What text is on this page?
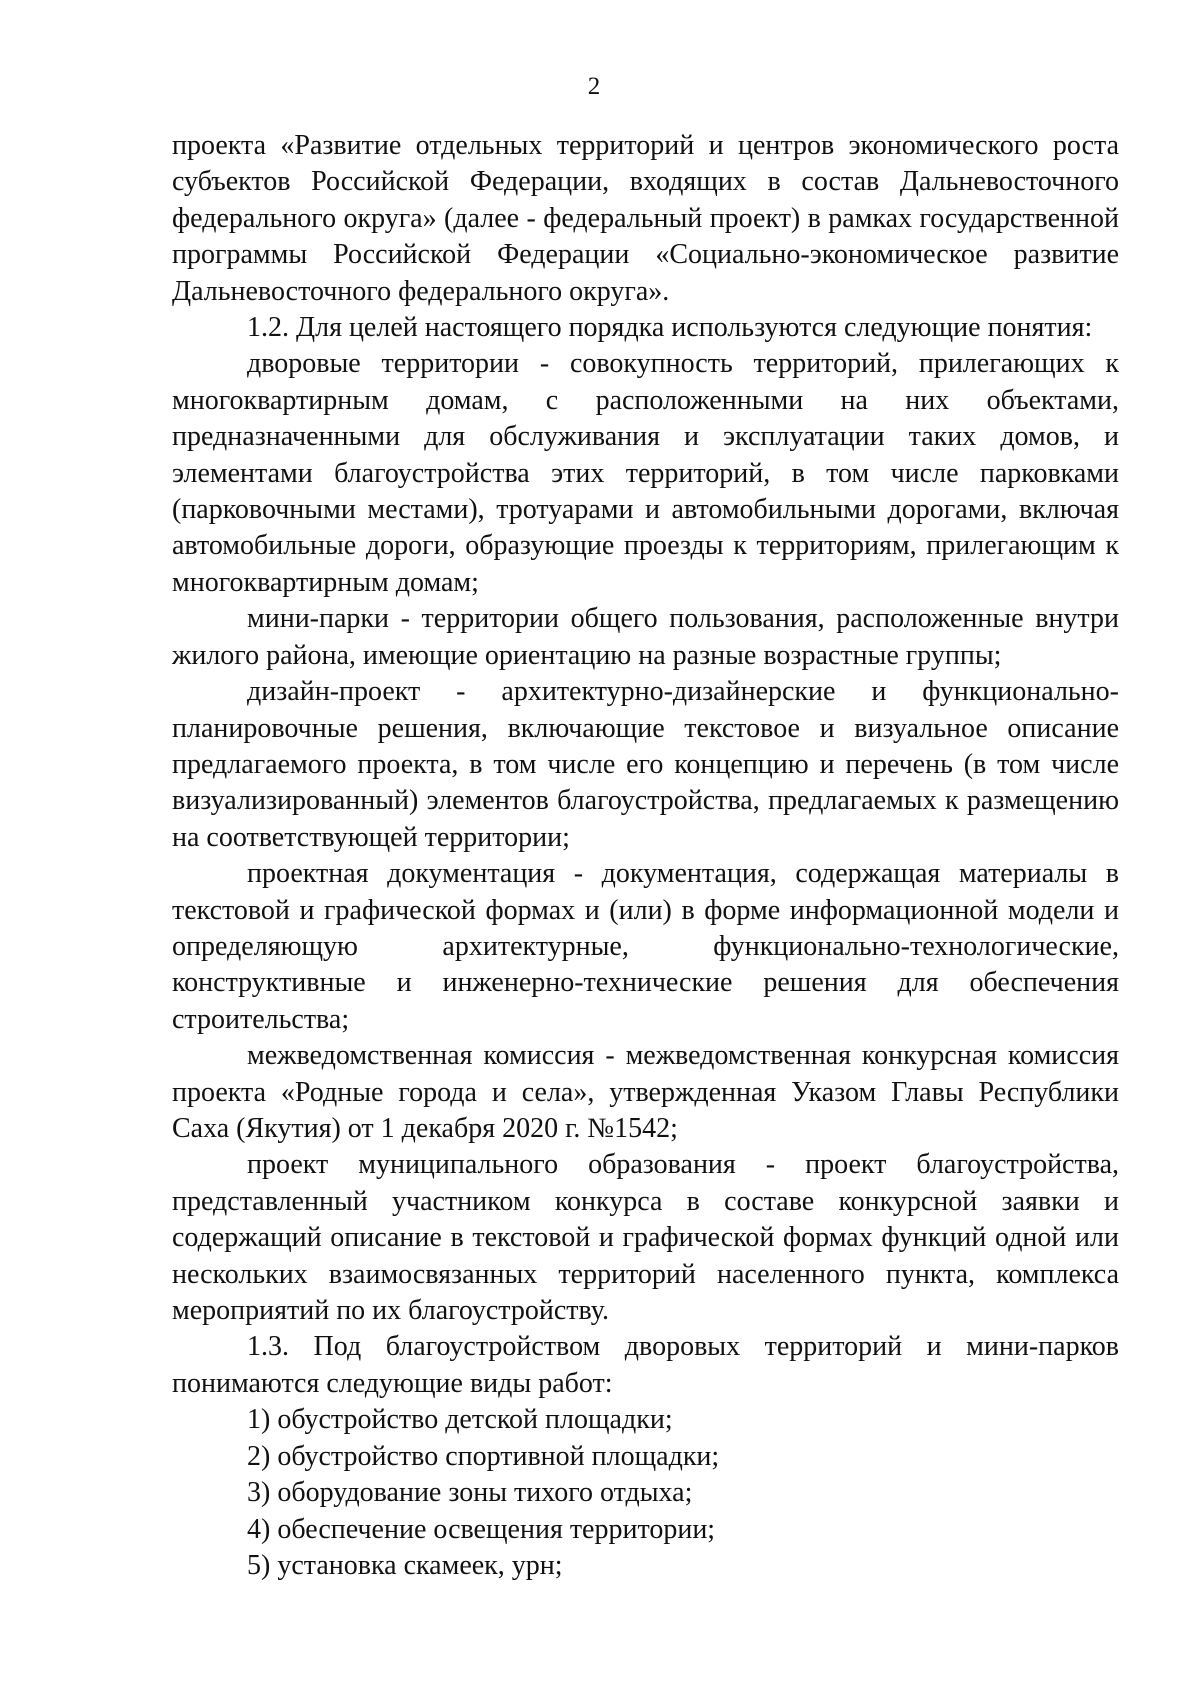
2

проекта «Развитие отдельных территорий и центров экономического роста субъектов Российской Федерации, входящих в состав Дальневосточного федерального округа» (далее - федеральный проект) в рамках государственной программы Российской Федерации «Социально-экономическое развитие Дальневосточного федерального округа».

1.2. Для целей настоящего порядка используются следующие понятия:

дворовые территории - совокупность территорий, прилегающих к многоквартирным домам, с расположенными на них объектами, предназначенными для обслуживания и эксплуатации таких домов, и элементами благоустройства этих территорий, в том числе парковками (парковочными местами), тротуарами и автомобильными дорогами, включая автомобильные дороги, образующие проезды к территориям, прилегающим к многоквартирным домам;

мини-парки - территории общего пользования, расположенные внутри жилого района, имеющие ориентацию на разные возрастные группы;

дизайн-проект - архитектурно-дизайнерские и функционально-планировочные решения, включающие текстовое и визуальное описание предлагаемого проекта, в том числе его концепцию и перечень (в том числе визуализированный) элементов благоустройства, предлагаемых к размещению на соответствующей территории;

проектная документация - документация, содержащая материалы в текстовой и графической формах и (или) в форме информационной модели и определяющую архитектурные, функционально-технологические, конструктивные и инженерно-технические решения для обеспечения строительства;

межведомственная комиссия - межведомственная конкурсная комиссия проекта «Родные города и села», утвержденная Указом Главы Республики Саха (Якутия) от 1 декабря 2020 г. №1542;

проект муниципального образования - проект благоустройства, представленный участником конкурса в составе конкурсной заявки и содержащий описание в текстовой и графической формах функций одной или нескольких взаимосвязанных территорий населенного пункта, комплекса мероприятий по их благоустройству.

1.3. Под благоустройством дворовых территорий и мини-парков понимаются следующие виды работ:

1) обустройство детской площадки;

2) обустройство спортивной площадки;

3) оборудование зоны тихого отдыха;

4) обеспечение освещения территории;

5) установка скамеек, урн;
